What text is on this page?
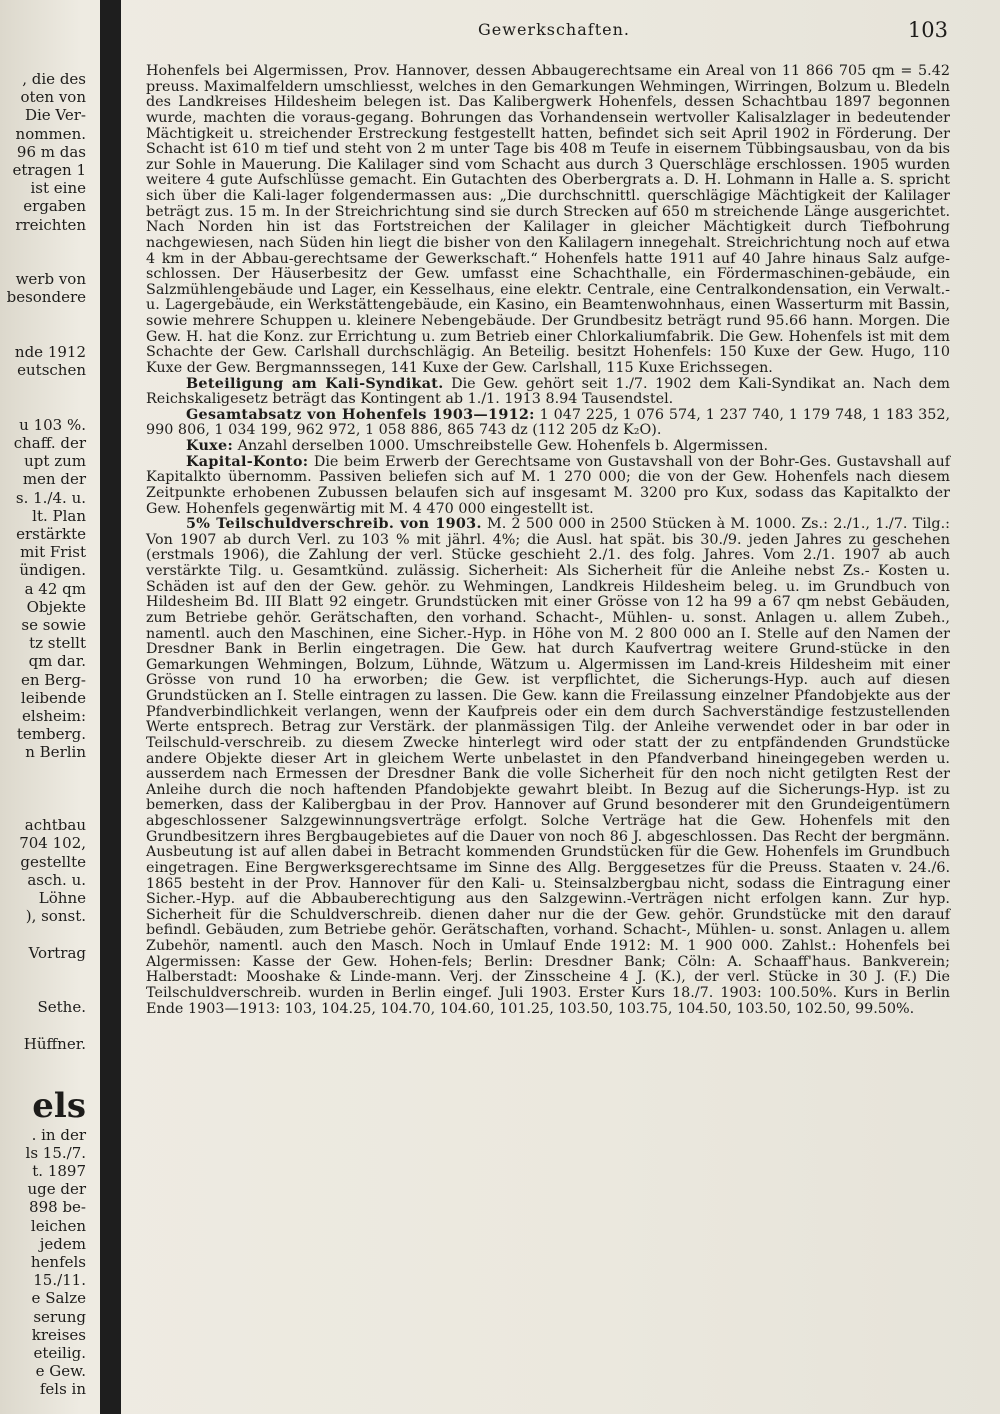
, die des
oten von
Die Ver-
nommen.
96 m das
etragen 1
ist eine
ergaben
rreichten
werb von
besondere
nde 1912
eutschen
u 103 %.
chaff. der
upt zum
men der
s. 1./4. u.
lt. Plan
erstärkte
mit Frist
ündigen.
a 42 qm
Objekte
se sowie
tz stellt
qm dar.
en Berg-
leibende
elsheim:
temberg.
n Berlin
achtbau
704 102,
gestellte
asch. u.
Löhne
), sonst.
Vortrag
Sethe.
Hüffner.
els
. in der
ls 15./7.
t. 1897
uge der
898 be-
leichen
jedem
henfels
15./11.
e Salze
serung
kreises
eteilig.
e Gew.
fels in
Gewerkschaften.	103

Hohenfels bei Algermissen, Prov. Hannover, dessen Abbaugerechtsame ein Areal von 11 866 705 qm = 5.42 preuss. Maximalfeldern umschliesst, welches in den Gemarkungen Wehmingen, Wirringen, Bolzum u. Bledeln des Landkreises Hildesheim belegen ist. Das Kalibergwerk Hohenfels, dessen Schachtbau 1897 begonnen wurde, machten die voraus-gegang. Bohrungen das Vorhandensein wertvoller Kalisalzlager in bedeutender Mächtigkeit u. streichender Erstreckung festgestellt hatten, befindet sich seit April 1902 in Förderung. Der Schacht ist 610 m tief und steht von 2 m unter Tage bis 408 m Teufe in eisernem Tübbingsausbau, von da bis zur Sohle in Mauerung. Die Kalilager sind vom Schacht aus durch 3 Querschläge erschlossen. 1905 wurden weitere 4 gute Aufschlüsse gemacht. Ein Gutachten des Oberbergrats a. D. H. Lohmann in Halle a. S. spricht sich über die Kali-lager folgendermassen aus: „Die durchschnittl. querschlägige Mächtigkeit der Kalilager beträgt zus. 15 m. In der Streichrichtung sind sie durch Strecken auf 650 m streichende Länge ausgerichtet. Nach Norden hin ist das Fortstreichen der Kalilager in gleicher Mächtigkeit durch Tiefbohrung nachgewiesen, nach Süden hin liegt die bisher von den Kalilagern innegehalt. Streichrichtung noch auf etwa 4 km in der Abbau-gerechtsame der Gewerkschaft.“ Hohenfels hatte 1911 auf 40 Jahre hinaus Salz aufge-schlossen. Der Häuserbesitz der Gew. umfasst eine Schachthalle, ein Fördermaschinen-gebäude, ein Salzmühlengebäude und Lager, ein Kesselhaus, eine elektr. Centrale, eine Centralkondensation, ein Verwalt.- u. Lagergebäude, ein Werkstättengebäude, ein Kasino, ein Beamtenwohnhaus, einen Wasserturm mit Bassin, sowie mehrere Schuppen u. kleinere Nebengebäude. Der Grundbesitz beträgt rund 95.66 hann. Morgen. Die Gew. H. hat die Konz. zur Errichtung u. zum Betrieb einer Chlorkaliumfabrik. Die Gew. Hohenfels ist mit dem Schachte der Gew. Carlshall durchschlägig. An Beteilig. besitzt Hohenfels: 150 Kuxe der Gew. Hugo, 110 Kuxe der Gew. Bergmannssegen, 141 Kuxe der Gew. Carlshall, 115 Kuxe Erichssegen.

Beteiligung am Kali-Syndikat. Die Gew. gehört seit 1./7. 1902 dem Kali-Syndikat an. Nach dem Reichskaligesetz beträgt das Kontingent ab 1./1. 1913 8.94 Tausendstel.

Gesamtabsatz von Hohenfels 1903—1912: 1 047 225, 1 076 574, 1 237 740, 1 179 748, 1 183 352, 990 806, 1 034 199, 962 972, 1 058 886, 865 743 dz (112 205 dz K₂O).

Kuxe: Anzahl derselben 1000. Umschreibstelle Gew. Hohenfels b. Algermissen.

Kapital-Konto: Die beim Erwerb der Gerechtsame von Gustavshall von der Bohr-Ges. Gustavshall auf Kapitalkto übernomm. Passiven beliefen sich auf M. 1 270 000; die von der Gew. Hohenfels nach diesem Zeitpunkte erhobenen Zubussen belaufen sich auf insgesamt M. 3200 pro Kux, sodass das Kapitalkto der Gew. Hohenfels gegenwärtig mit M. 4 470 000 eingestellt ist.

5% Teilschuldverschreib. von 1903. M. 2 500 000 in 2500 Stücken à M. 1000. Zs.: 2./1., 1./7. Tilg.: Von 1907 ab durch Verl. zu 103 % mit jährl. 4%; die Ausl. hat spät. bis 30./9. jeden Jahres zu geschehen (erstmals 1906), die Zahlung der verl. Stücke geschieht 2./1. des folg. Jahres. Vom 2./1. 1907 ab auch verstärkte Tilg. u. Gesamtkünd. zulässig. Sicherheit: Als Sicherheit für die Anleihe nebst Zs.- Kosten u. Schäden ist auf den der Gew. gehör. zu Wehmingen, Landkreis Hildesheim beleg. u. im Grundbuch von Hildesheim Bd. III Blatt 92 eingetr. Grundstücken mit einer Grösse von 12 ha 99 a 67 qm nebst Gebäuden, zum Betriebe gehör. Gerätschaften, den vorhand. Schacht-, Mühlen- u. sonst. Anlagen u. allem Zubeh., namentl. auch den Maschinen, eine Sicher.-Hyp. in Höhe von M. 2 800 000 an I. Stelle auf den Namen der Dresdner Bank in Berlin eingetragen. Die Gew. hat durch Kaufvertrag weitere Grund-stücke in den Gemarkungen Wehmingen, Bolzum, Lühnde, Wätzum u. Algermissen im Land-kreis Hildesheim mit einer Grösse von rund 10 ha erworben; die Gew. ist verpflichtet, die Sicherungs-Hyp. auch auf diesen Grundstücken an I. Stelle eintragen zu lassen. Die Gew. kann die Freilassung einzelner Pfandobjekte aus der Pfandverbindlichkeit verlangen, wenn der Kaufpreis oder ein dem durch Sachverständige festzustellenden Werte entsprech. Betrag zur Verstärk. der planmässigen Tilg. der Anleihe verwendet oder in bar oder in Teilschuld-verschreib. zu diesem Zwecke hinterlegt wird oder statt der zu entpfändenden Grundstücke andere Objekte dieser Art in gleichem Werte unbelastet in den Pfandverband hineingegeben werden u. ausserdem nach Ermessen der Dresdner Bank die volle Sicherheit für den noch nicht getilgten Rest der Anleihe durch die noch haftenden Pfandobjekte gewahrt bleibt. In Bezug auf die Sicherungs-Hyp. ist zu bemerken, dass der Kalibergbau in der Prov. Hannover auf Grund besonderer mit den Grundeigentümern abgeschlossener Salzgewinnungsverträge erfolgt. Solche Verträge hat die Gew. Hohenfels mit den Grundbesitzern ihres Bergbaugebietes auf die Dauer von noch 86 J. abgeschlossen. Das Recht der bergmänn. Ausbeutung ist auf allen dabei in Betracht kommenden Grundstücken für die Gew. Hohenfels im Grundbuch eingetragen. Eine Bergwerksgerechtsame im Sinne des Allg. Berggesetzes für die Preuss. Staaten v. 24./6. 1865 besteht in der Prov. Hannover für den Kali- u. Steinsalzbergbau nicht, sodass die Eintragung einer Sicher.-Hyp. auf die Abbauberechtigung aus den Salzgewinn.-Verträgen nicht erfolgen kann. Zur hyp. Sicherheit für die Schuldverschreib. dienen daher nur die der Gew. gehör. Grundstücke mit den darauf befindl. Gebäuden, zum Betriebe gehör. Gerätschaften, vorhand. Schacht-, Mühlen- u. sonst. Anlagen u. allem Zubehör, namentl. auch den Masch. Noch in Umlauf Ende 1912: M. 1 900 000. Zahlst.: Hohenfels bei Algermissen: Kasse der Gew. Hohen-fels; Berlin: Dresdner Bank; Cöln: A. Schaaff'haus. Bankverein; Halberstadt: Mooshake & Linde-mann. Verj. der Zinsscheine 4 J. (K.), der verl. Stücke in 30 J. (F.) Die Teilschuldverschreib. wurden in Berlin eingef. Juli 1903. Erster Kurs 18./7. 1903: 100.50%. Kurs in Berlin Ende 1903—1913: 103, 104.25, 104.70, 104.60, 101.25, 103.50, 103.75, 104.50, 103.50, 102.50, 99.50%.
